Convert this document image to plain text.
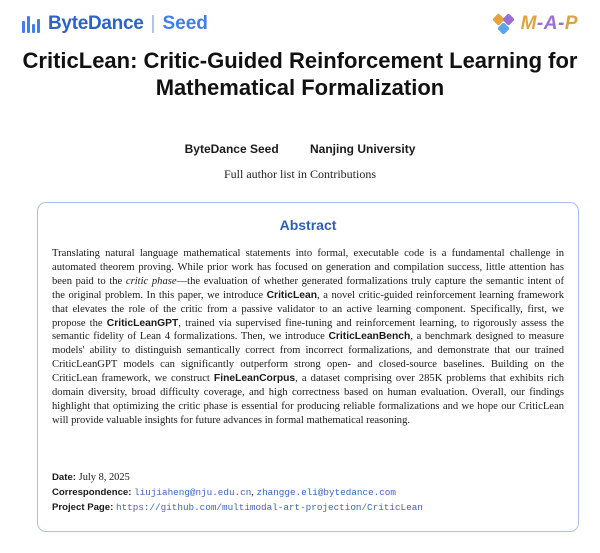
ByteDance | Seed	M-A-P
CriticLean: Critic-Guided Reinforcement Learning for
Mathematical Formalization
ByteDance Seed	Nanjing University
Full author list in Contributions
Abstract
Translating natural language mathematical statements into formal, executable code is a fundamental challenge in automated theorem proving. While prior work has focused on generation and compilation success, little attention has been paid to the critic phase—the evaluation of whether generated formalizations truly capture the semantic intent of the original problem. In this paper, we introduce CriticLean, a novel critic-guided reinforcement learning framework that elevates the role of the critic from a passive validator to an active learning component. Specifically, first, we propose the CriticLeanGPT, trained via supervised fine-tuning and reinforcement learning, to rigorously assess the semantic fidelity of Lean 4 formalizations. Then, we introduce CriticLeanBench, a benchmark designed to measure models' ability to distinguish semantically correct from incorrect formalizations, and demonstrate that our trained CriticLeanGPT models can significantly outperform strong open- and closed-source baselines. Building on the CriticLean framework, we construct FineLeanCorpus, a dataset comprising over 285K problems that exhibits rich domain diversity, broad difficulty coverage, and high correctness based on human evaluation. Overall, our findings highlight that optimizing the critic phase is essential for producing reliable formalizations and we hope our CriticLean will provide valuable insights for future advances in formal mathematical reasoning.
Date: July 8, 2025
Correspondence: liujiaheng@nju.edu.cn, zhangge.eli@bytedance.com
Project Page: https://github.com/multimodal-art-projection/CriticLean
